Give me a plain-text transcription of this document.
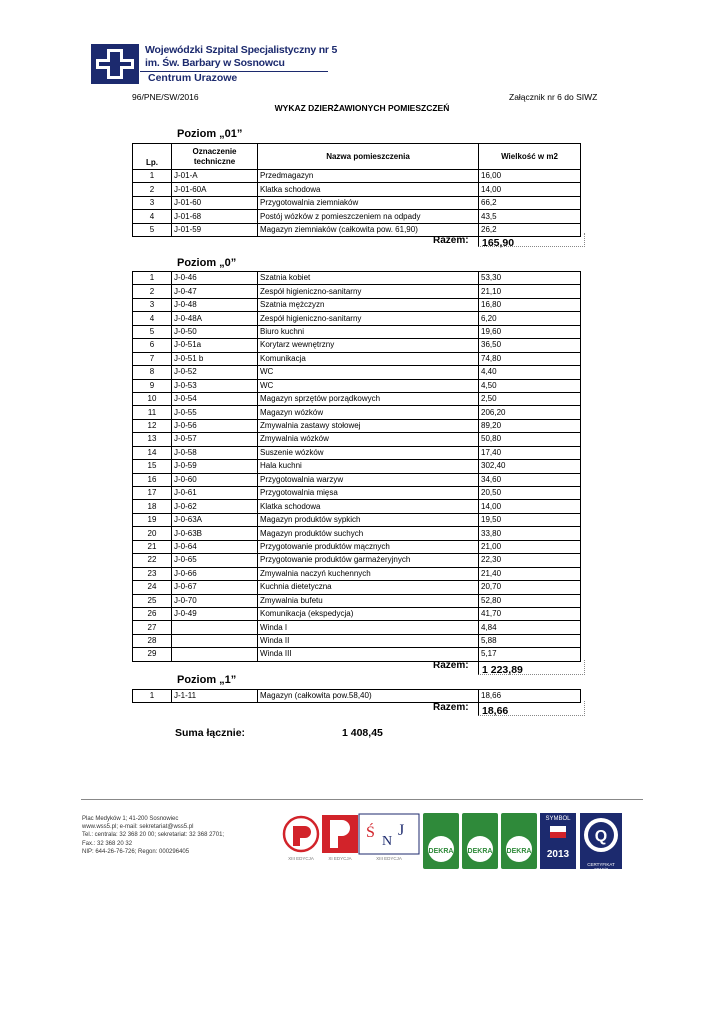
Wojewódzki Szpital Specjalistyczny nr 5
im. Św. Barbary w Sosnowcu
Centrum Urazowe
96/PNE/SW/2016	Załącznik nr 6 do SIWZ
WYKAZ DZIERŻAWIONYCH POMIESZCZEŃ
Poziom „01”
Lp.	Oznaczenie techniczne	Nazwa pomieszczenia	Wielkość w m2
1	J-01-A	Przedmagazyn	16,00
2	J-01-60A	Klatka schodowa	14,00
3	J-01-60	Przygotowalnia ziemniaków	66,2
4	J-01-68	Postój wózków z pomieszczeniem na odpady	43,5
5	J-01-59	Magazyn ziemniaków (całkowita pow. 61,90)	26,2
Razem:	165,90
Poziom „0”
1	J-0-46	Szatnia kobiet	53,30
2	J-0-47	Zespół higieniczno-sanitarny	21,10
3	J-0-48	Szatnia mężczyzn	16,80
4	J-0-48A	Zespół higieniczno-sanitarny	6,20
5	J-0-50	Biuro kuchni	19,60
6	J-0-51a	Korytarz wewnętrzny	36,50
7	J-0-51 b	Komunikacja	74,80
8	J-0-52	WC	4,40
9	J-0-53	WC	4,50
10	J-0-54	Magazyn sprzętów porządkowych	2,50
11	J-0-55	Magazyn wózków	206,20
12	J-0-56	Zmywalnia zastawy stołowej	89,20
13	J-0-57	Zmywalnia wózków	50,80
14	J-0-58	Suszenie wózków	17,40
15	J-0-59	Hala kuchni	302,40
16	J-0-60	Przygotowalnia warzyw	34,60
17	J-0-61	Przygotowalnia mięsa	20,50
18	J-0-62	Klatka schodowa	14,00
19	J-0-63A	Magazyn produktów sypkich	19,50
20	J-0-63B	Magazyn produktów suchych	33,80
21	J-0-64	Przygotowanie produktów mącznych	21,00
22	J-0-65	Przygotowanie produktów garmażeryjnych	22,30
23	J-0-66	Zmywalnia naczyń kuchennych	21,40
24	J-0-67	Kuchnia dietetyczna	20,70
25	J-0-70	Zmywalnia bufetu	52,80
26	J-0-49	Komunikacja (ekspedycja)	41,70
27		Winda I	4,84
28		Winda II	5,88
29		Winda III	5,17
Razem:	1 223,89
Poziom „1”
1	J-1-11	Magazyn (całkowita pow.58,40)	18,66
Razem:	18,66
Suma łącznie:	1 408,45
Plac Medyków 1; 41-200 Sosnowiec
www.wss5.pl; e-mail: sekretariat@wss5.pl
Tel.: centrala: 32 368 20 00; sekretariat: 32 368 2701;
Fax.: 32 368 20 32
NIP: 644-26-76-726; Regon: 000296405
XIII EDYCJA	XI EDYCJA
Ś
N
J
XIII EDYCJA
DEKRA DEKRA DEKRA
SYMBOL
2013
Q
CERTYFIKAT 2016/7
